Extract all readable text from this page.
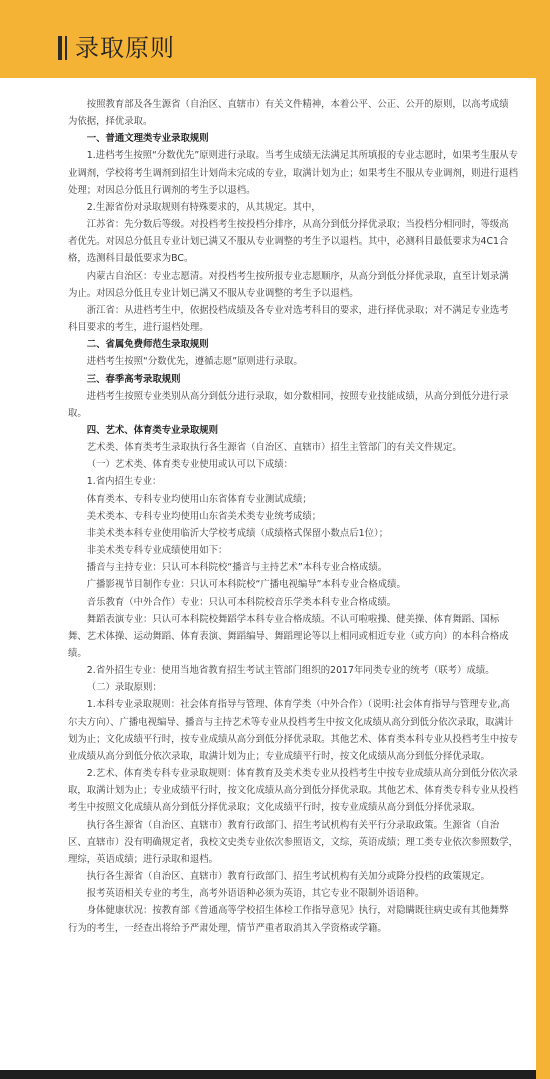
录取原则

按照教育部及各生源省（自治区、直辖市）有关文件精神，本着公平、公正、公开的原则，以高考成绩为依据，择优录取。

一、普通文理类专业录取规则

1.进档考生按照“分数优先”原则进行录取。当考生成绩无法满足其所填报的专业志愿时，如果考生服从专业调剂，学校将考生调剂到招生计划尚未完成的专业，取满计划为止；如果考生不服从专业调剂，则进行退档处理；对因总分低且行调剂的考生予以退档。

2.生源省份对录取规则有特殊要求的，从其规定。其中，

江苏省：先分数后等级。对投档考生按投档分排序，从高分到低分择优录取；当投档分相同时，等级高者优先。对因总分低且专业计划已满又不服从专业调整的考生予以退档。其中，必测科目最低要求为4C1合格，选测科目最低要求为BC。

内蒙古自治区：专业志愿清。对投档考生按所报专业志愿顺序，从高分到低分择优录取，直至计划录满为止。对因总分低且专业计划已满又不服从专业调整的考生予以退档。

浙江省：从进档考生中，依据投档成绩及各专业对选考科目的要求，进行择优录取；对不满足专业选考科目要求的考生，进行退档处理。

二、省属免费师范生录取规则

进档考生按照“分数优先，遵循志愿”原则进行录取。

三、春季高考录取规则

进档考生按照专业类别从高分到低分进行录取，如分数相同，按照专业技能成绩，从高分到低分进行录取。

四、艺术、体育类专业录取规则

艺术类、体育类考生录取执行各生源省（自治区、直辖市）招生主管部门的有关文件规定。

（一）艺术类、体育类专业使用或认可以下成绩：

1.省内招生专业：

体育类本、专科专业均使用山东省体育专业测试成绩；

美术类本、专科专业均使用山东省美术类专业统考成绩；

非美术类本科专业使用临沂大学校考成绩（成绩格式保留小数点后1位）；

非美术类专科专业成绩使用如下：

播音与主持专业：只认可本科院校“播音与主持艺术”本科专业合格成绩。

广播影视节目制作专业：只认可本科院校“广播电视编导”本科专业合格成绩。

音乐教育（中外合作）专业：只认可本科院校音乐学类本科专业合格成绩。

舞蹈表演专业：只认可本科院校舞蹈学本科专业合格成绩。不认可啦啦操、健美操、体育舞蹈、国标舞、艺术体操、运动舞蹈、体育表演、舞蹈编导、舞蹈理论等以上相同或相近专业（或方向）的本科合格成绩。

2.省外招生专业：使用当地省教育招生考试主管部门组织的2017年同类专业的统考（联考）成绩。

（二）录取原则：

1.本科专业录取规则：社会体育指导与管理、体育学类（中外合作）（说明:社会体育指导与管理专业,高尔夫方向）、广播电视编导、播音与主持艺术等专业从投档考生中按文化成绩从高分到低分依次录取，取满计划为止；文化成绩平行时，按专业成绩从高分到低分择优录取。其他艺术、体育类本科专业从投档考生中按专业成绩从高分到低分依次录取，取满计划为止；专业成绩平行时，按文化成绩从高分到低分择优录取。

2.艺术、体育类专科专业录取规则：体育教育及美术类专业从投档考生中按专业成绩从高分到低分依次录取，取满计划为止；专业成绩平行时，按文化成绩从高分到低分择优录取。其他艺术、体育类专科专业从投档考生中按照文化成绩从高分到低分择优录取；文化成绩平行时，按专业成绩从高分到低分择优录取。

执行各生源省（自治区、直辖市）教育行政部门、招生考试机构有关平行分录取政策。生源省（自治区、直辖市）没有明确规定者，我校文史类专业依次参照语文，文综，英语成绩；理工类专业依次参照数学，理综，英语成绩；进行录取和退档。

执行各生源省（自治区、直辖市）教育行政部门、招生考试机构有关加分或降分投档的政策规定。

报考英语相关专业的考生，高考外语语种必须为英语，其它专业不限制外语语种。

身体健康状况：按教育部《普通高等学校招生体检工作指导意见》执行，对隐瞒既往病史或有其他舞弊行为的考生，一经查出将给予严肃处理，情节严重者取消其入学资格或学籍。
